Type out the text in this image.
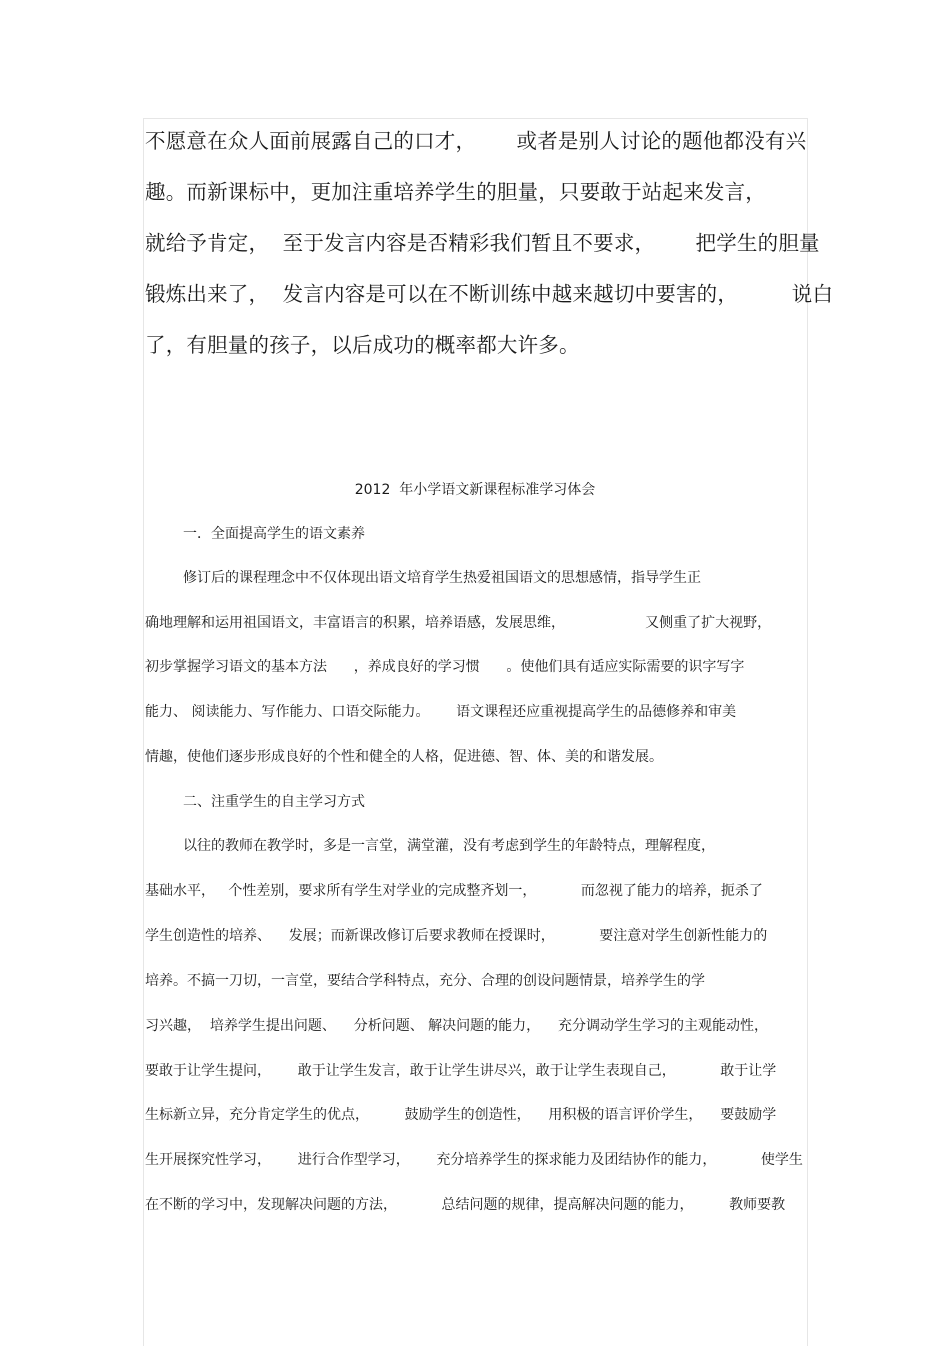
不愿意在众人面前展露自己的口才，      或者是别人讨论的题他都没有兴
趣。而新课标中，更加注重培养学生的胆量，只要敢于站起来发言，
就给予肯定，  至于发言内容是否精彩我们暂且不要求，      把学生的胆量
锻炼出来了，  发言内容是可以在不断训练中越来越切中要害的，        说白
了，有胆量的孩子，以后成功的概率都大许多。
2012  年小学语文新课程标准学习体会
一．全面提高学生的语文素养
修订后的课程理念中不仅体现出语文培育学生热爱祖国语文的思想感情，指导学生正
确地理解和运用祖国语文，丰富语言的积累，培养语感，发展思维，                  又侧重了扩大视野，
初步掌握学习语文的基本方法      ，养成良好的学习惯      。使他们具有适应实际需要的识字写字
能力、 阅读能力、写作能力、口语交际能力。      语文课程还应重视提高学生的品德修养和审美
情趣，使他们逐步形成良好的个性和健全的人格，促进德、智、体、美的和谐发展。
二、注重学生的自主学习方式
以往的教师在教学时，多是一言堂，满堂灌，没有考虑到学生的年龄特点，理解程度，
基础水平，   个性差别，要求所有学生对学业的完成整齐划一，          而忽视了能力的培养，扼杀了
学生创造性的培养、    发展；而新课改修订后要求教师在授课时，          要注意对学生创新性能力的
培养。不搞一刀切，一言堂，要结合学科特点，充分、合理的创设问题情景，培养学生的学
习兴趣，  培养学生提出问题、    分析问题、 解决问题的能力，    充分调动学生学习的主观能动性，
要敢于让学生提问，      敢于让学生发言，敢于让学生讲尽兴，敢于让学生表现自己，          敢于让学
生标新立异，充分肯定学生的优点，        鼓励学生的创造性，    用积极的语言评价学生，    要鼓励学
生开展探究性学习，      进行合作型学习，      充分培养学生的探求能力及团结协作的能力，          使学生
在不断的学习中，发现解决问题的方法，          总结问题的规律，提高解决问题的能力，        教师要教
